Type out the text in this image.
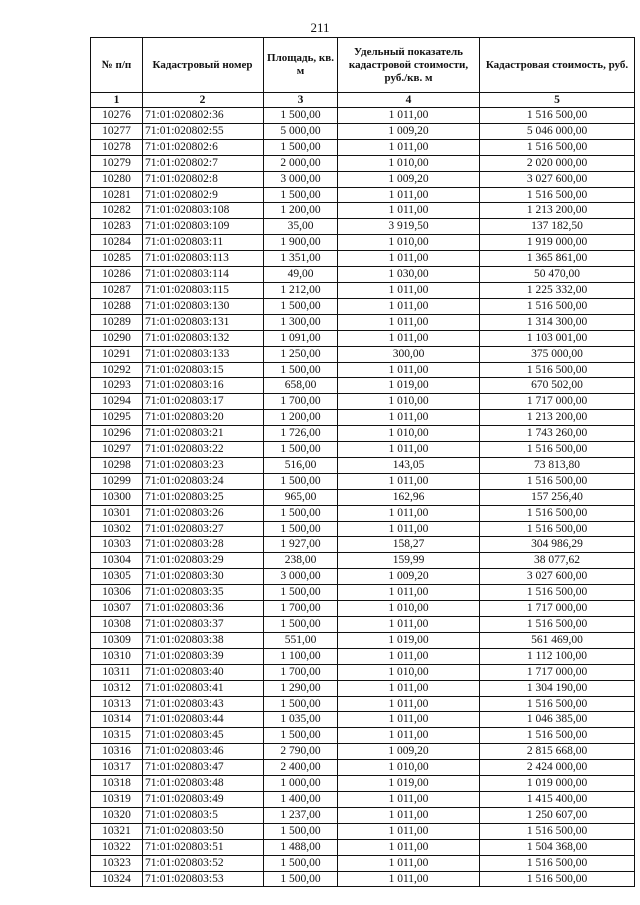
211
№ п/п	Кадастровый номер	Площадь, кв. м	Удельный показатель кадастровой стоимости, руб./кв. м	Кадастровая стоимость, руб.
1	2	3	4	5
10276	71:01:020802:36	1 500,00	1 011,00	1 516 500,00
10277	71:01:020802:55	5 000,00	1 009,20	5 046 000,00
10278	71:01:020802:6	1 500,00	1 011,00	1 516 500,00
10279	71:01:020802:7	2 000,00	1 010,00	2 020 000,00
10280	71:01:020802:8	3 000,00	1 009,20	3 027 600,00
10281	71:01:020802:9	1 500,00	1 011,00	1 516 500,00
10282	71:01:020803:108	1 200,00	1 011,00	1 213 200,00
10283	71:01:020803:109	35,00	3 919,50	137 182,50
10284	71:01:020803:11	1 900,00	1 010,00	1 919 000,00
10285	71:01:020803:113	1 351,00	1 011,00	1 365 861,00
10286	71:01:020803:114	49,00	1 030,00	50 470,00
10287	71:01:020803:115	1 212,00	1 011,00	1 225 332,00
10288	71:01:020803:130	1 500,00	1 011,00	1 516 500,00
10289	71:01:020803:131	1 300,00	1 011,00	1 314 300,00
10290	71:01:020803:132	1 091,00	1 011,00	1 103 001,00
10291	71:01:020803:133	1 250,00	300,00	375 000,00
10292	71:01:020803:15	1 500,00	1 011,00	1 516 500,00
10293	71:01:020803:16	658,00	1 019,00	670 502,00
10294	71:01:020803:17	1 700,00	1 010,00	1 717 000,00
10295	71:01:020803:20	1 200,00	1 011,00	1 213 200,00
10296	71:01:020803:21	1 726,00	1 010,00	1 743 260,00
10297	71:01:020803:22	1 500,00	1 011,00	1 516 500,00
10298	71:01:020803:23	516,00	143,05	73 813,80
10299	71:01:020803:24	1 500,00	1 011,00	1 516 500,00
10300	71:01:020803:25	965,00	162,96	157 256,40
10301	71:01:020803:26	1 500,00	1 011,00	1 516 500,00
10302	71:01:020803:27	1 500,00	1 011,00	1 516 500,00
10303	71:01:020803:28	1 927,00	158,27	304 986,29
10304	71:01:020803:29	238,00	159,99	38 077,62
10305	71:01:020803:30	3 000,00	1 009,20	3 027 600,00
10306	71:01:020803:35	1 500,00	1 011,00	1 516 500,00
10307	71:01:020803:36	1 700,00	1 010,00	1 717 000,00
10308	71:01:020803:37	1 500,00	1 011,00	1 516 500,00
10309	71:01:020803:38	551,00	1 019,00	561 469,00
10310	71:01:020803:39	1 100,00	1 011,00	1 112 100,00
10311	71:01:020803:40	1 700,00	1 010,00	1 717 000,00
10312	71:01:020803:41	1 290,00	1 011,00	1 304 190,00
10313	71:01:020803:43	1 500,00	1 011,00	1 516 500,00
10314	71:01:020803:44	1 035,00	1 011,00	1 046 385,00
10315	71:01:020803:45	1 500,00	1 011,00	1 516 500,00
10316	71:01:020803:46	2 790,00	1 009,20	2 815 668,00
10317	71:01:020803:47	2 400,00	1 010,00	2 424 000,00
10318	71:01:020803:48	1 000,00	1 019,00	1 019 000,00
10319	71:01:020803:49	1 400,00	1 011,00	1 415 400,00
10320	71:01:020803:5	1 237,00	1 011,00	1 250 607,00
10321	71:01:020803:50	1 500,00	1 011,00	1 516 500,00
10322	71:01:020803:51	1 488,00	1 011,00	1 504 368,00
10323	71:01:020803:52	1 500,00	1 011,00	1 516 500,00
10324	71:01:020803:53	1 500,00	1 011,00	1 516 500,00
